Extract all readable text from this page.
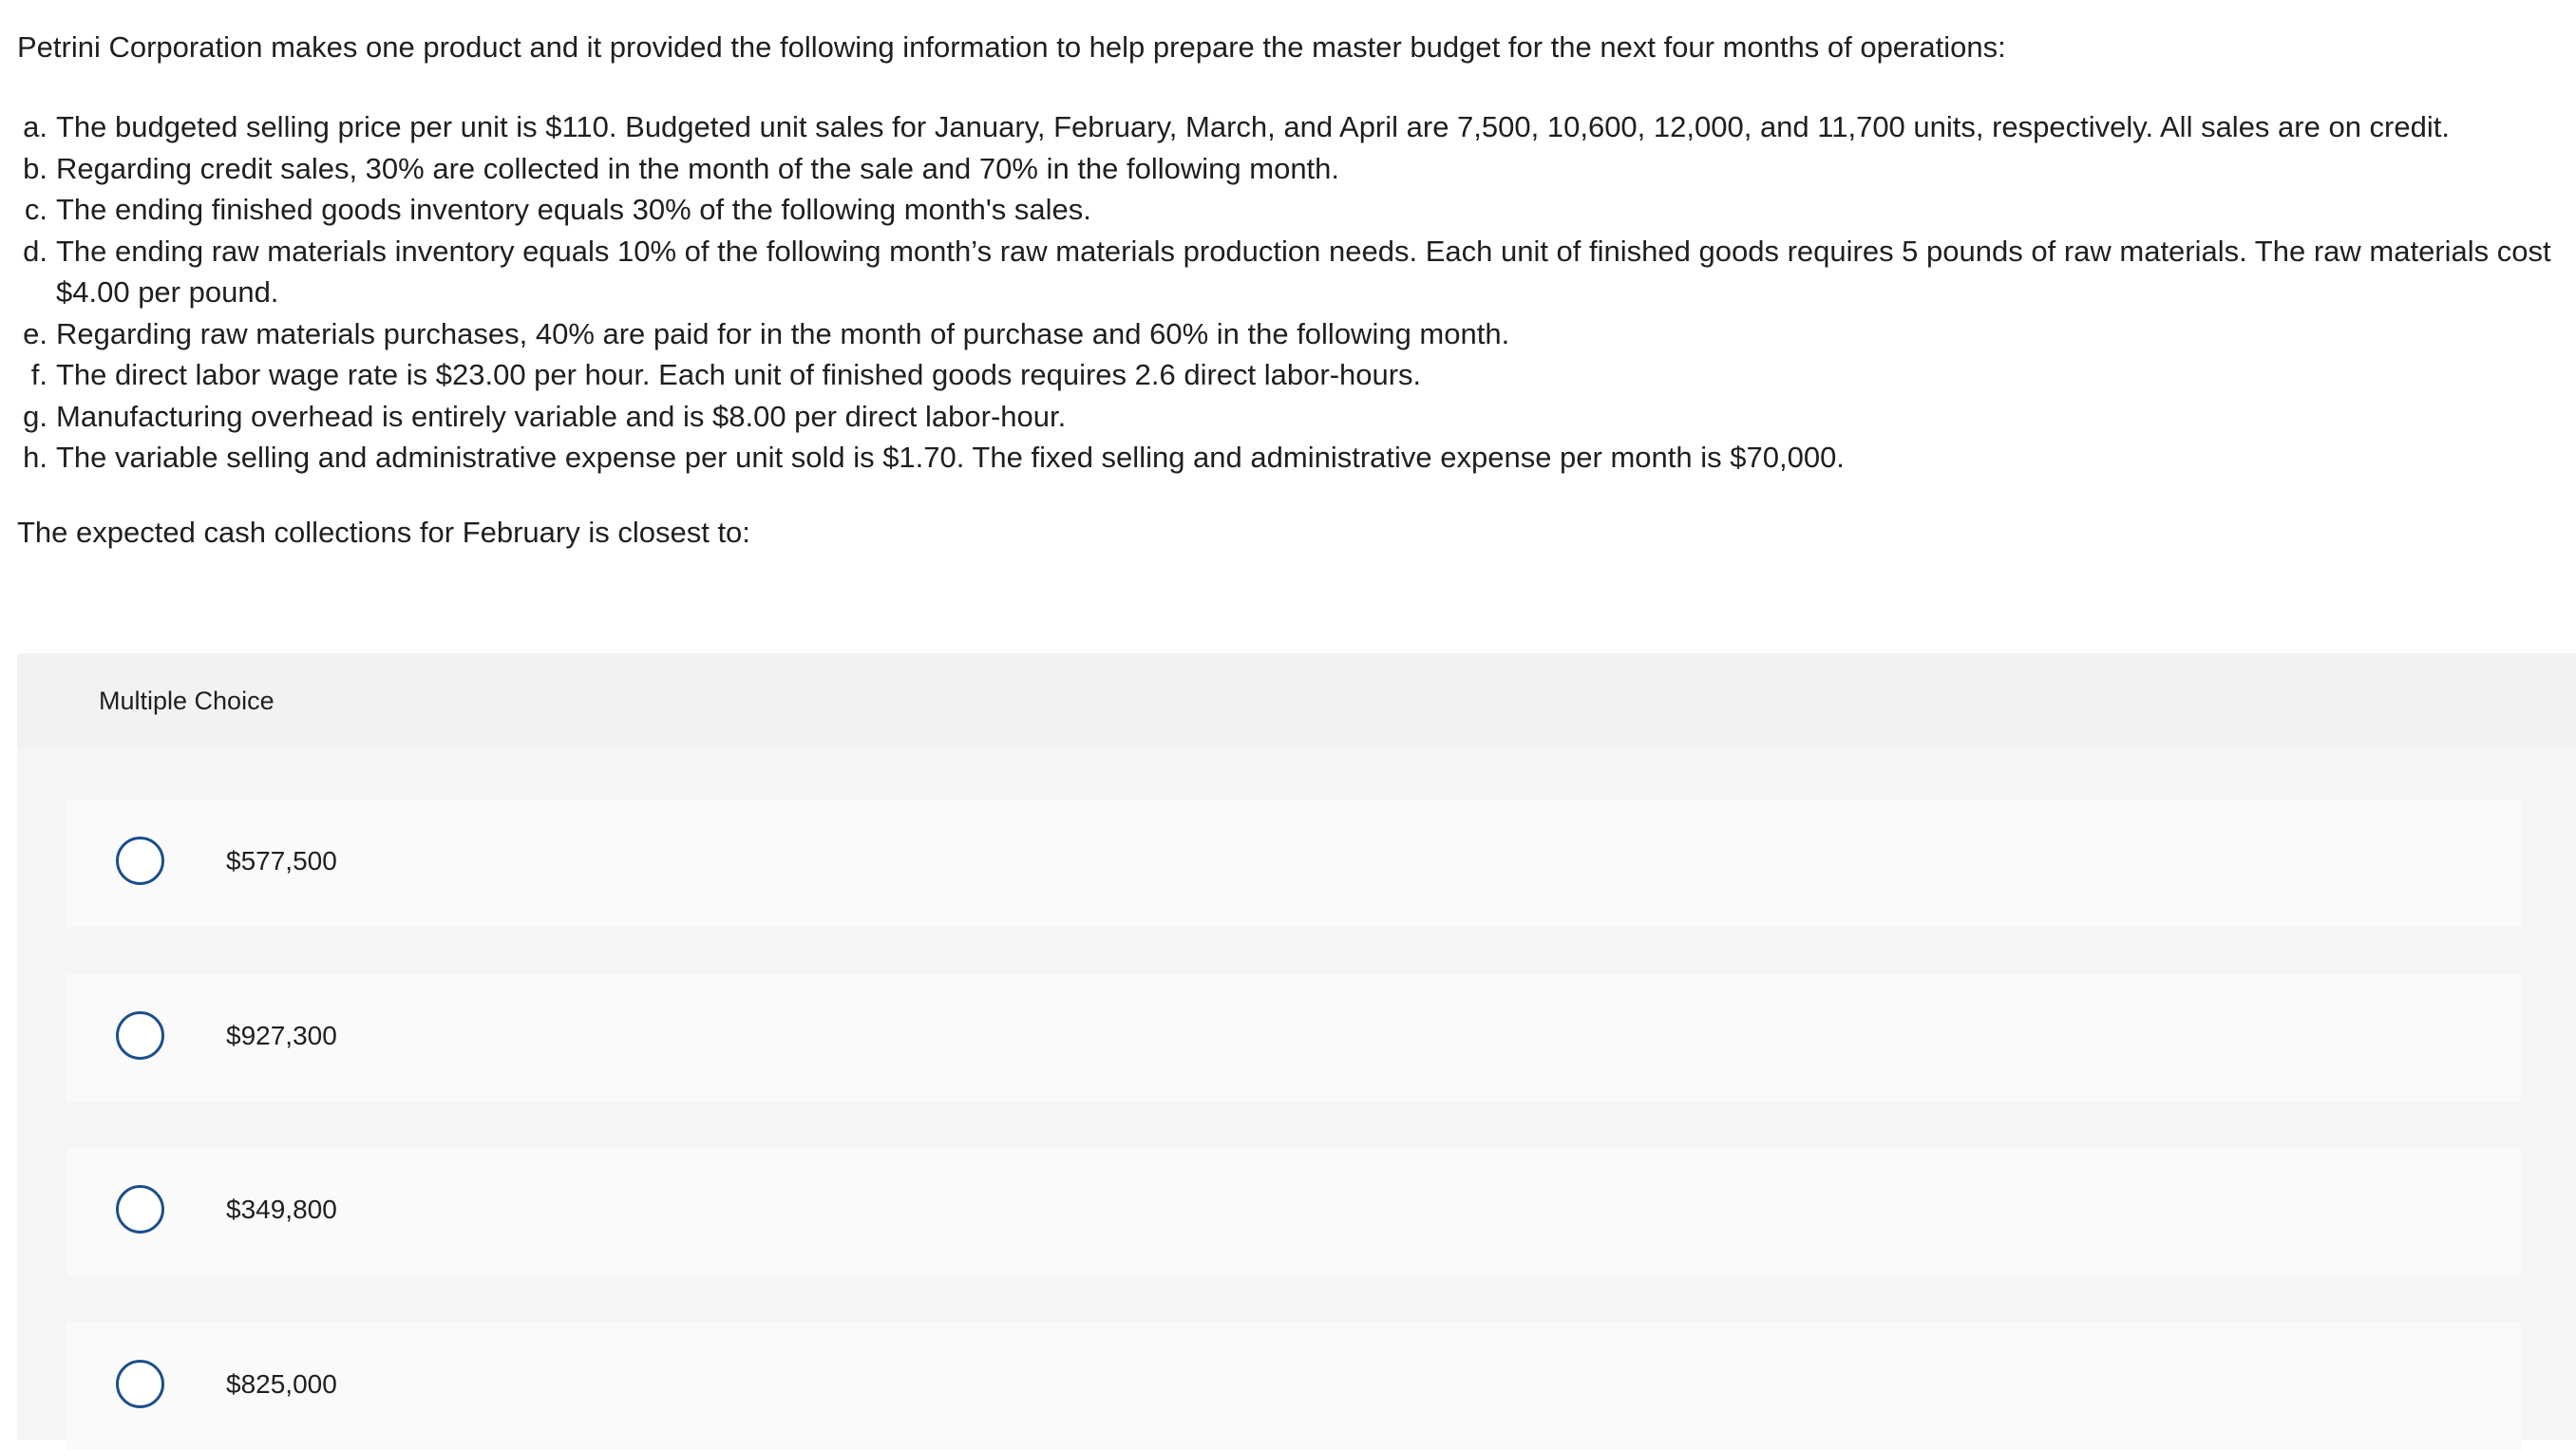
Petrini Corporation makes one product and it provided the following information to help prepare the master budget for the next four months of operations:

a. The budgeted selling price per unit is $110. Budgeted unit sales for January, February, March, and April are 7,500, 10,600, 12,000, and 11,700 units, respectively. All sales are on credit.
b. Regarding credit sales, 30% are collected in the month of the sale and 70% in the following month.
c. The ending finished goods inventory equals 30% of the following month's sales.
d. The ending raw materials inventory equals 10% of the following month’s raw materials production needs. Each unit of finished goods requires 5 pounds of raw materials. The raw materials cost $4.00 per pound.
e. Regarding raw materials purchases, 40% are paid for in the month of purchase and 60% in the following month.
f. The direct labor wage rate is $23.00 per hour. Each unit of finished goods requires 2.6 direct labor-hours.
g. Manufacturing overhead is entirely variable and is $8.00 per direct labor-hour.
h. The variable selling and administrative expense per unit sold is $1.70. The fixed selling and administrative expense per month is $70,000.

The expected cash collections for February is closest to:

Multiple Choice
$577,500
$927,300
$349,800
$825,000
